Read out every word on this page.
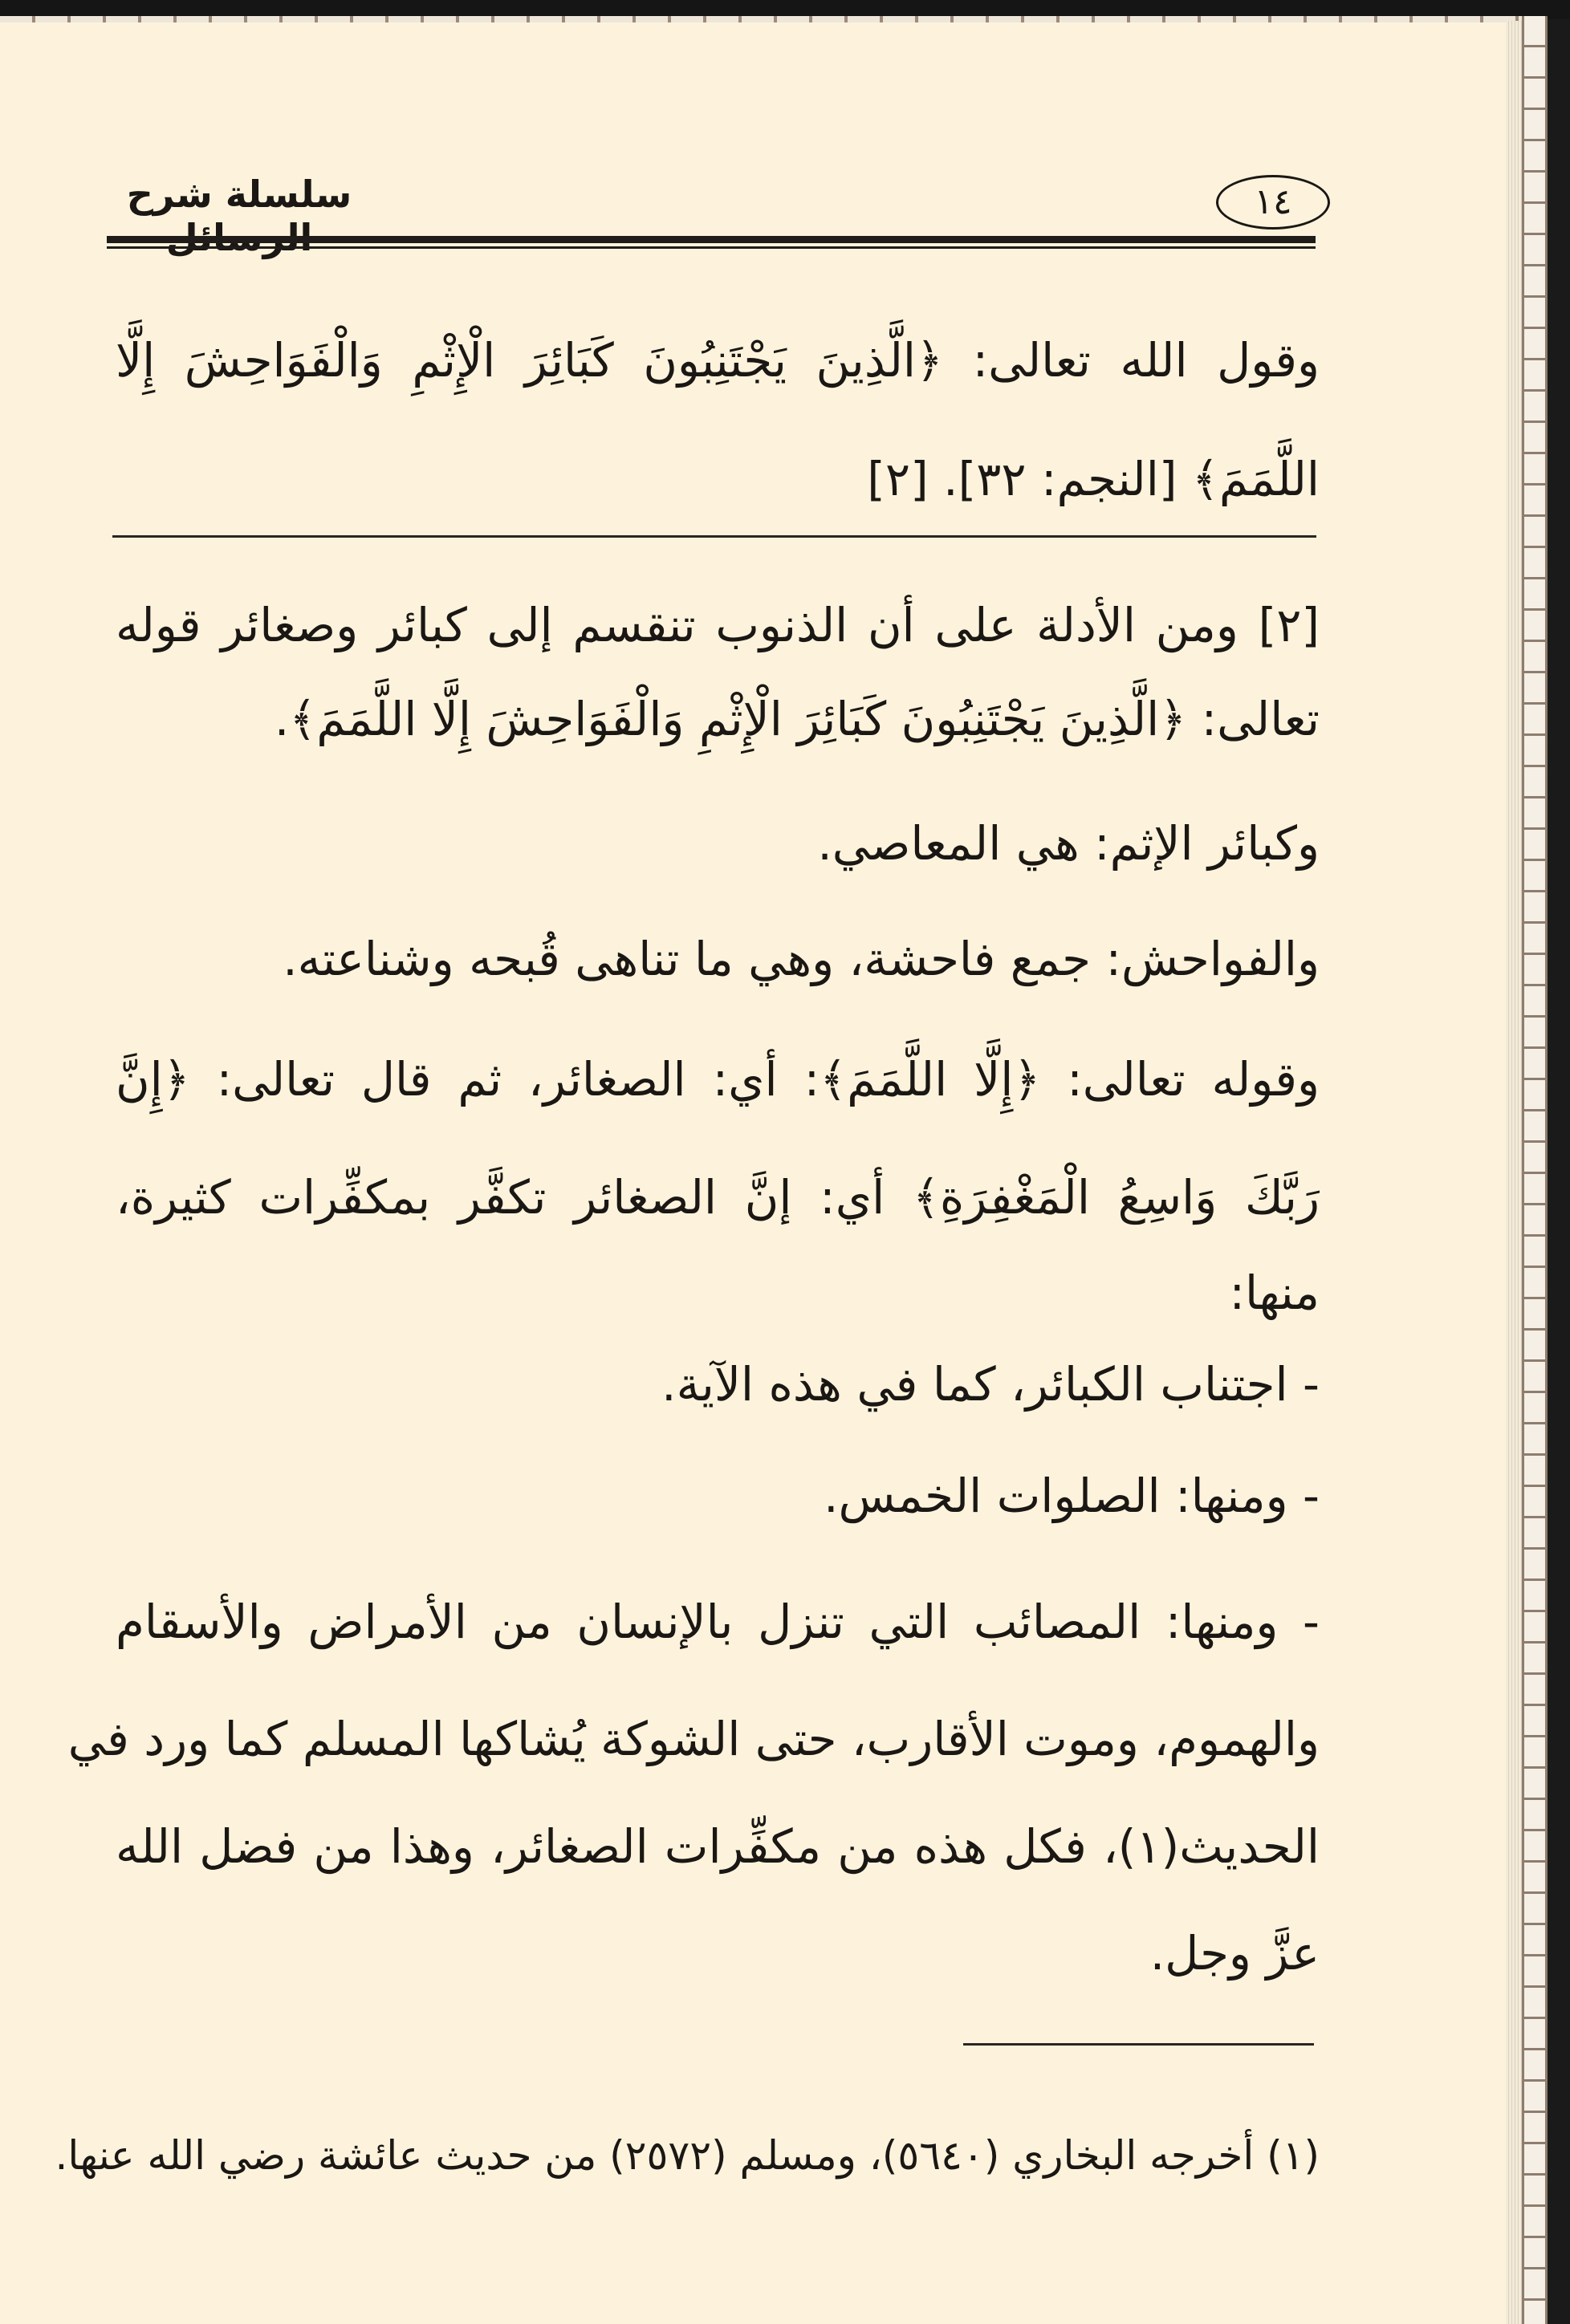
سلسلة شرح	١٤
وقول الله تعالى: ﴿الَّذِينَ يَجْتَنِبُونَ كَبَائِرَ الْإِثْمِ وَالْفَوَاحِشَ إِلَّا
اللَّمَمَ﴾ [النجم: ٣٢]. [٢]
[٢] ومن الأدلة على أن الذنوب تنقسم إلى كبائر وصغائر قوله
تعالى: ﴿الَّذِينَ يَجْتَنِبُونَ كَبَائِرَ الْإِثْمِ وَالْفَوَاحِشَ إِلَّا اللَّمَمَ﴾.
وكبائر الإثم: هي المعاصي.
والفواحش: جمع فاحشة، وهي ما تناهى قُبحه وشناعته.
وقوله تعالى: ﴿إِلَّا اللَّمَمَ﴾: أي: الصغائر، ثم قال تعالى: ﴿إِنَّ
رَبَّكَ وَاسِعُ الْمَغْفِرَةِ﴾ أي: إنَّ الصغائر تكفَّر بمكفِّرات كثيرة،
منها:
- اجتناب الكبائر، كما في هذه الآية.
- ومنها: الصلوات الخمس.
- ومنها: المصائب التي تنزل بالإنسان من الأمراض والأسقام
والهموم، وموت الأقارب، حتى الشوكة يُشاكها المسلم كما ورد في
الحديث(١)، فكل هذه من مكفِّرات الصغائر، وهذا من فضل الله
عزَّ وجل.
(١) أخرجه البخاري (٥٦٤٠)، ومسلم (٢٥٧٢) من حديث عائشة رضي الله عنها.
